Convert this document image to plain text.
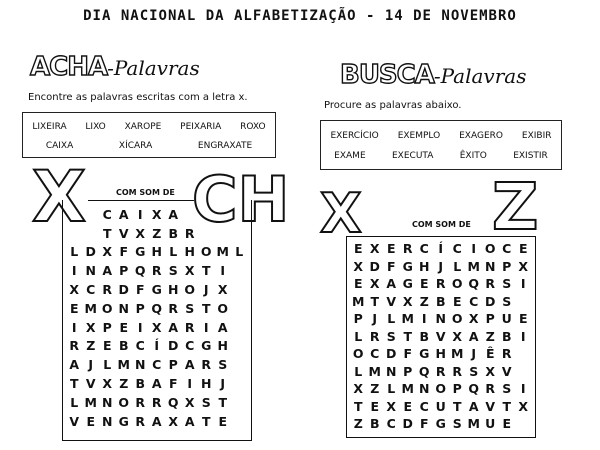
DIA NACIONAL DA ALFABETIZAÇÃO - 14 DE NOVEMBRO
ACHA-Palavras
Encontre as palavras escritas com a letra x.
LIXEIRA LIXO XAROPE PEIXARIA ROXO
CAIXA	XÍCARA	ENGRAXATE
X	COM SOM DE CH
C A I X A
T V X Z B R
L D X F G H L H O M L
I N A P Q R S X T I
X C R D F G H O J X
E M O N P Q R S T O
I X P E I X A R I A
R Z E B C Í D C G H
A J L M N C P A R S
T V X Z B A F I H J
L M N O R R Q X S T
V E N G R A X A T E
BUSCA-Palavras
Procure as palavras abaixo.
EXERCÍCIO EXEMPLO EXAGERO EXIBIR
EXAME	EXECUTA	ÊXITO	EXISTIR
X	COM SOM DE Z
E X E R C Í C I O C E
X D F G H J L M N P X
E X A G E R O Q R S I
M T V X Z B E C D S
P J L M I N O X P U E
L R S T B V X A Z B I
O C D F G H M J Ê R
L M N P Q R R S X V
X Z L M N O P Q R S I
T E X E C U T A V T X
Z B C D F G S M U E
